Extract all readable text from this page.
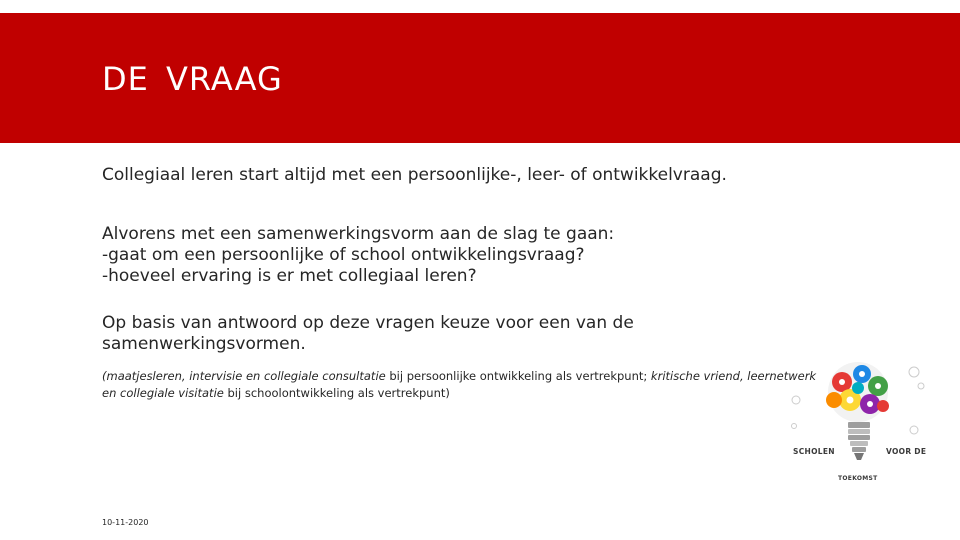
DE VRAAG

Collegiaal leren start altijd met een persoonlijke-, leer- of ontwikkelvraag.

Alvorens met een samenwerkingsvorm aan de slag te gaan:
-gaat om een persoonlijke of school ontwikkelingsvraag?
-hoeveel ervaring is er met collegiaal leren?
Op basis van antwoord op deze vragen keuze voor een van de
samenwerkingsvormen.

(maatjesleren, intervisie en collegiale consultatie bij persoonlijke ontwikkeling als vertrekpunt; kritische vriend, leernetwerk en collegiale visitatie bij schoolontwikkeling als vertrekpunt)

10-11-2020
SCHOLEN	VOOR DE
TOEKOMST
